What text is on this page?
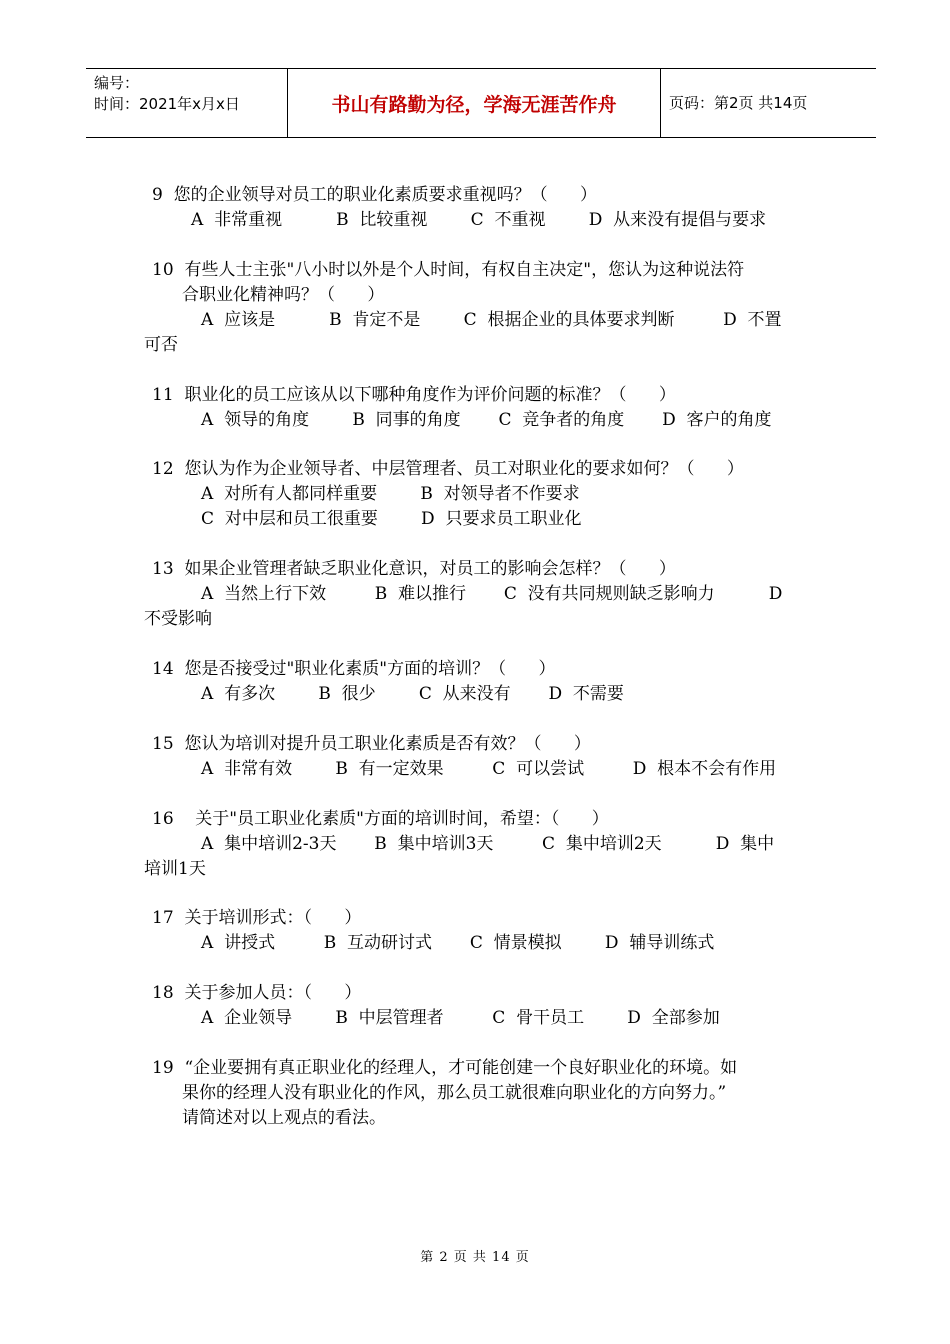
编号：
时间：2021年x月x日	书山有路勤为径，学海无涯苦作舟	页码：第2页 共14页

9  您的企业领导对员工的职业化素质要求重视吗？（      ）

A  非常重视          B  比较重视        C  不重视        D  从来没有提倡与要求

10  有些人士主张"八小时以外是个人时间，有权自主决定"，您认为这种说法符

合职业化精神吗？（      ）

A  应该是          B  肯定不是        C  根据企业的具体要求判断         D  不置

可否

11  职业化的员工应该从以下哪种角度作为评价问题的标准？（      ）

A  领导的角度        B  同事的角度       C  竞争者的角度       D  客户的角度

12  您认为作为企业领导者、中层管理者、员工对职业化的要求如何？（      ）

A  对所有人都同样重要        B  对领导者不作要求

C  对中层和员工很重要        D  只要求员工职业化

13  如果企业管理者缺乏职业化意识，对员工的影响会怎样？（      ）

A  当然上行下效         B  难以推行       C  没有共同规则缺乏影响力          D

不受影响

14  您是否接受过"职业化素质"方面的培训？（      ）

A  有多次        B  很少        C  从来没有       D  不需要

15  您认为培训对提升员工职业化素质是否有效？（      ）

A  非常有效        B  有一定效果         C  可以尝试         D  根本不会有作用

16    关于"员工职业化素质"方面的培训时间，希望：（      ）

A  集中培训2-3天       B  集中培训3天         C  集中培训2天          D  集中

培训1天

17  关于培训形式：（      ）

A  讲授式         B  互动研讨式       C  情景模拟        D  辅导训练式

18  关于参加人员：（      ）

A  企业领导        B  中层管理者         C  骨干员工        D  全部参加

19  “企业要拥有真正职业化的经理人，才可能创建一个良好职业化的环境。如

果你的经理人没有职业化的作风，那么员工就很难向职业化的方向努力。”

请简述对以上观点的看法。

第 2 页 共 14 页
